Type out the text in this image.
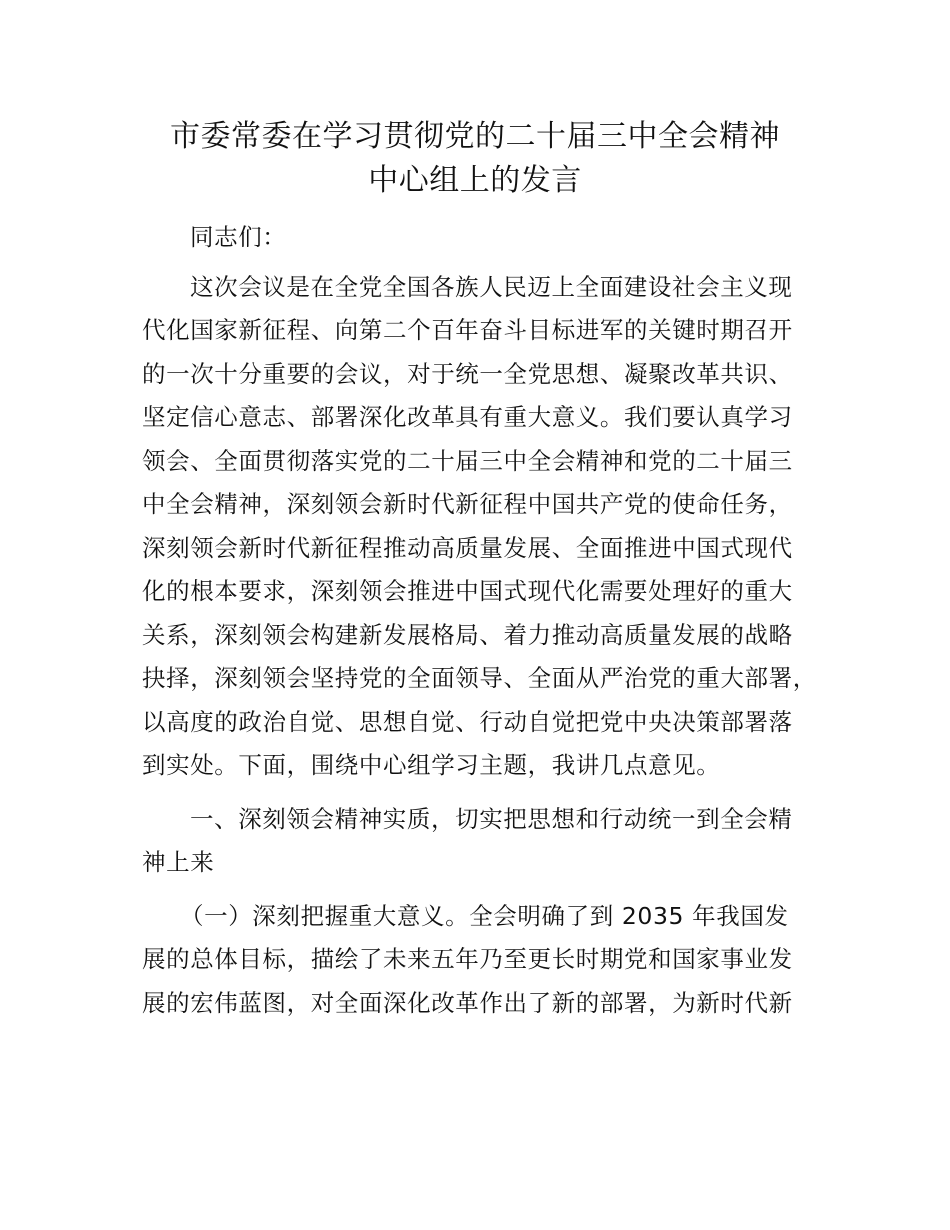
市委常委在学习贯彻党的二十届三中全会精神
中心组上的发言
同志们：
这次会议是在全党全国各族人民迈上全面建设社会主义现
代化国家新征程、向第二个百年奋斗目标进军的关键时期召开
的一次十分重要的会议，对于统一全党思想、凝聚改革共识、
坚定信心意志、部署深化改革具有重大意义。我们要认真学习
领会、全面贯彻落实党的二十届三中全会精神和党的二十届三
中全会精神，深刻领会新时代新征程中国共产党的使命任务，
深刻领会新时代新征程推动高质量发展、全面推进中国式现代
化的根本要求，深刻领会推进中国式现代化需要处理好的重大
关系，深刻领会构建新发展格局、着力推动高质量发展的战略
抉择，深刻领会坚持党的全面领导、全面从严治党的重大部署，
以高度的政治自觉、思想自觉、行动自觉把党中央决策部署落
到实处。下面，围绕中心组学习主题，我讲几点意见。
一、深刻领会精神实质，切实把思想和行动统一到全会精
神上来
（一）深刻把握重大意义。全会明确了到 2035 年我国发
展的总体目标，描绘了未来五年乃至更长时期党和国家事业发
展的宏伟蓝图，对全面深化改革作出了新的部署，为新时代新
